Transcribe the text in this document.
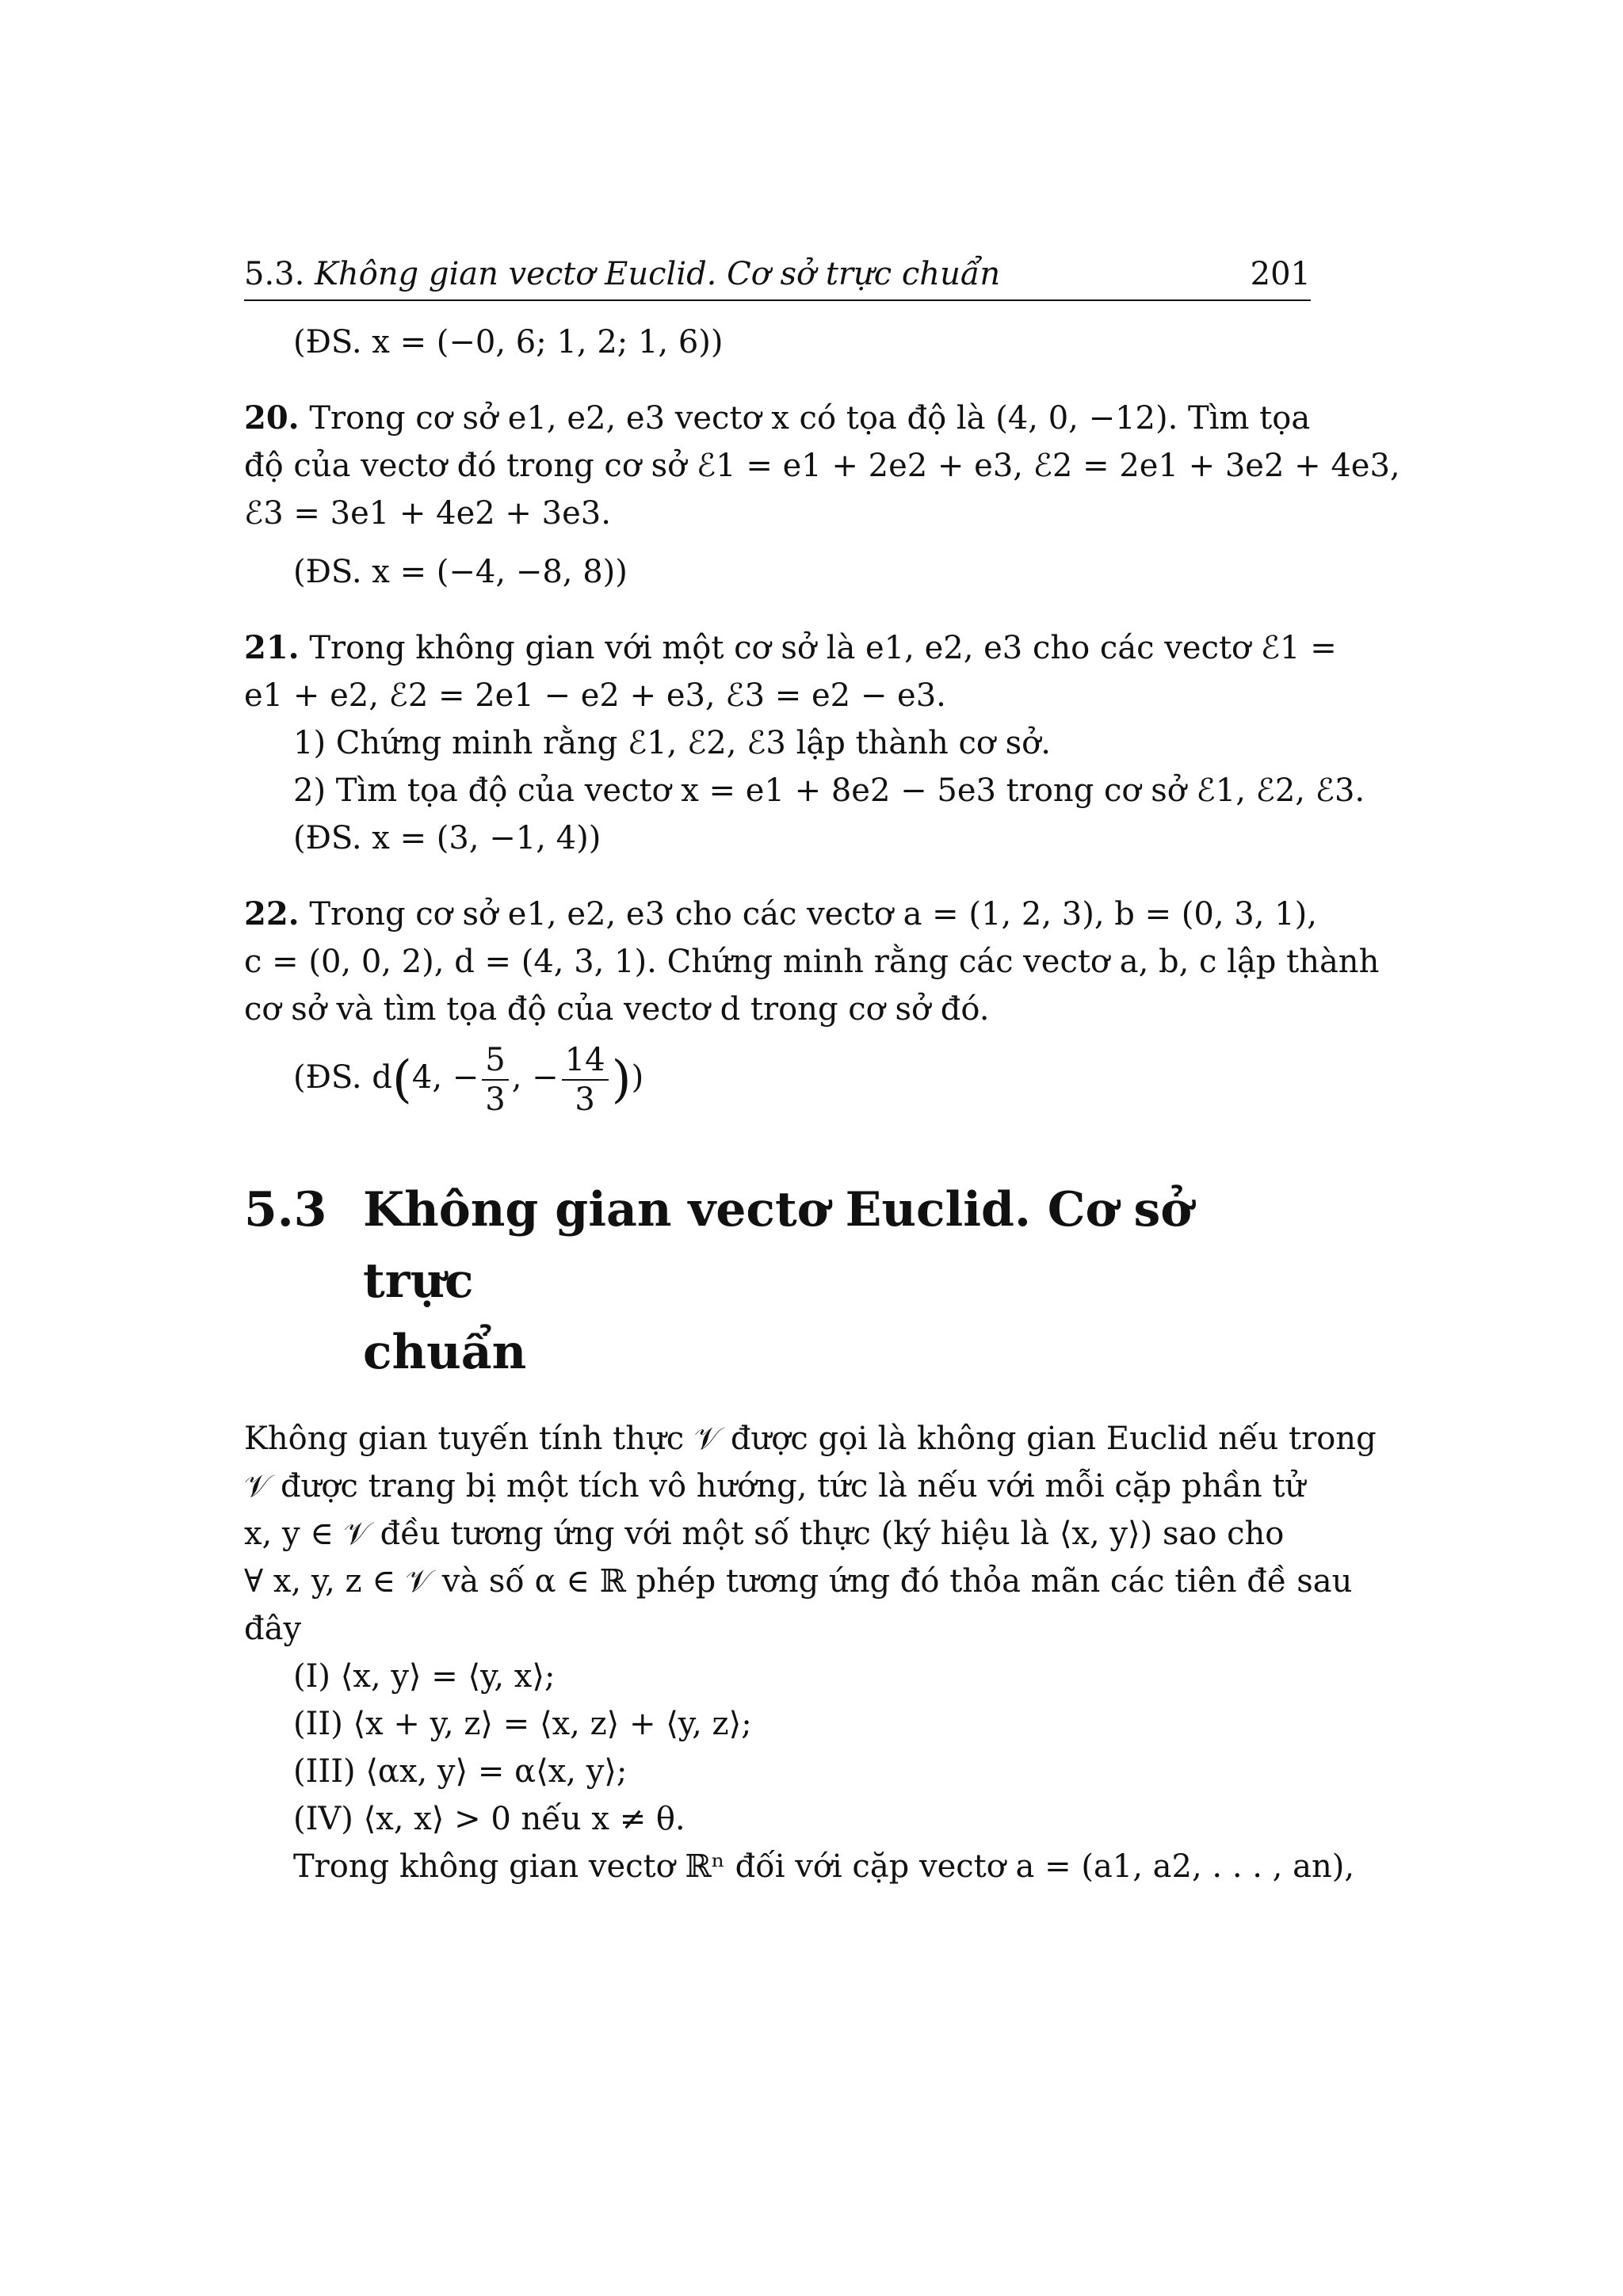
5.3. Không gian vectơ Euclid. Cơ sở trực chuẩn	201
(ĐS. x = (−0, 6; 1, 2; 1, 6))
20. Trong cơ sở e1, e2, e3 vectơ x có tọa độ là (4, 0, −12). Tìm tọa
độ của vectơ đó trong cơ sở ℰ1 = e1 + 2e2 + e3, ℰ2 = 2e1 + 3e2 + 4e3,
ℰ3 = 3e1 + 4e2 + 3e3.
(ĐS. x = (−4, −8, 8))
21. Trong không gian với một cơ sở là e1, e2, e3 cho các vectơ ℰ1 =
e1 + e2, ℰ2 = 2e1 − e2 + e3, ℰ3 = e2 − e3.
1) Chứng minh rằng ℰ1, ℰ2, ℰ3 lập thành cơ sở.
2) Tìm tọa độ của vectơ x = e1 + 8e2 − 5e3 trong cơ sở ℰ1, ℰ2, ℰ3.
(ĐS. x = (3, −1, 4))
22. Trong cơ sở e1, e2, e3 cho các vectơ a = (1, 2, 3), b = (0, 3, 1),
c = (0, 0, 2), d = (4, 3, 1). Chứng minh rằng các vectơ a, b, c lập thành
cơ sở và tìm tọa độ của vectơ d trong cơ sở đó.
(ĐS. d(4, − $\frac{5}{3}$ , − $\frac{14}{3}$ ))
5.3 Không gian vectơ Euclid. Cơ sở trực
chuẩn
Không gian tuyến tính thực 𝒱 được gọi là không gian Euclid nếu trong
𝒱 được trang bị một tích vô hướng, tức là nếu với mỗi cặp phần tử
x, y ∈ 𝒱 đều tương ứng với một số thực (ký hiệu là ⟨x, y⟩) sao cho
∀ x, y, z ∈ 𝒱 và số α ∈ ℝ phép tương ứng đó thỏa mãn các tiên đề sau
đây
(I) ⟨x, y⟩ = ⟨y, x⟩;
(II) ⟨x + y, z⟩ = ⟨x, z⟩ + ⟨y, z⟩;
(III) ⟨αx, y⟩ = α⟨x, y⟩;
(IV) ⟨x, x⟩ > 0 nếu x ≠ θ.
Trong không gian vectơ ℝⁿ đối với cặp vectơ a = (a1, a2, . . . , an),
